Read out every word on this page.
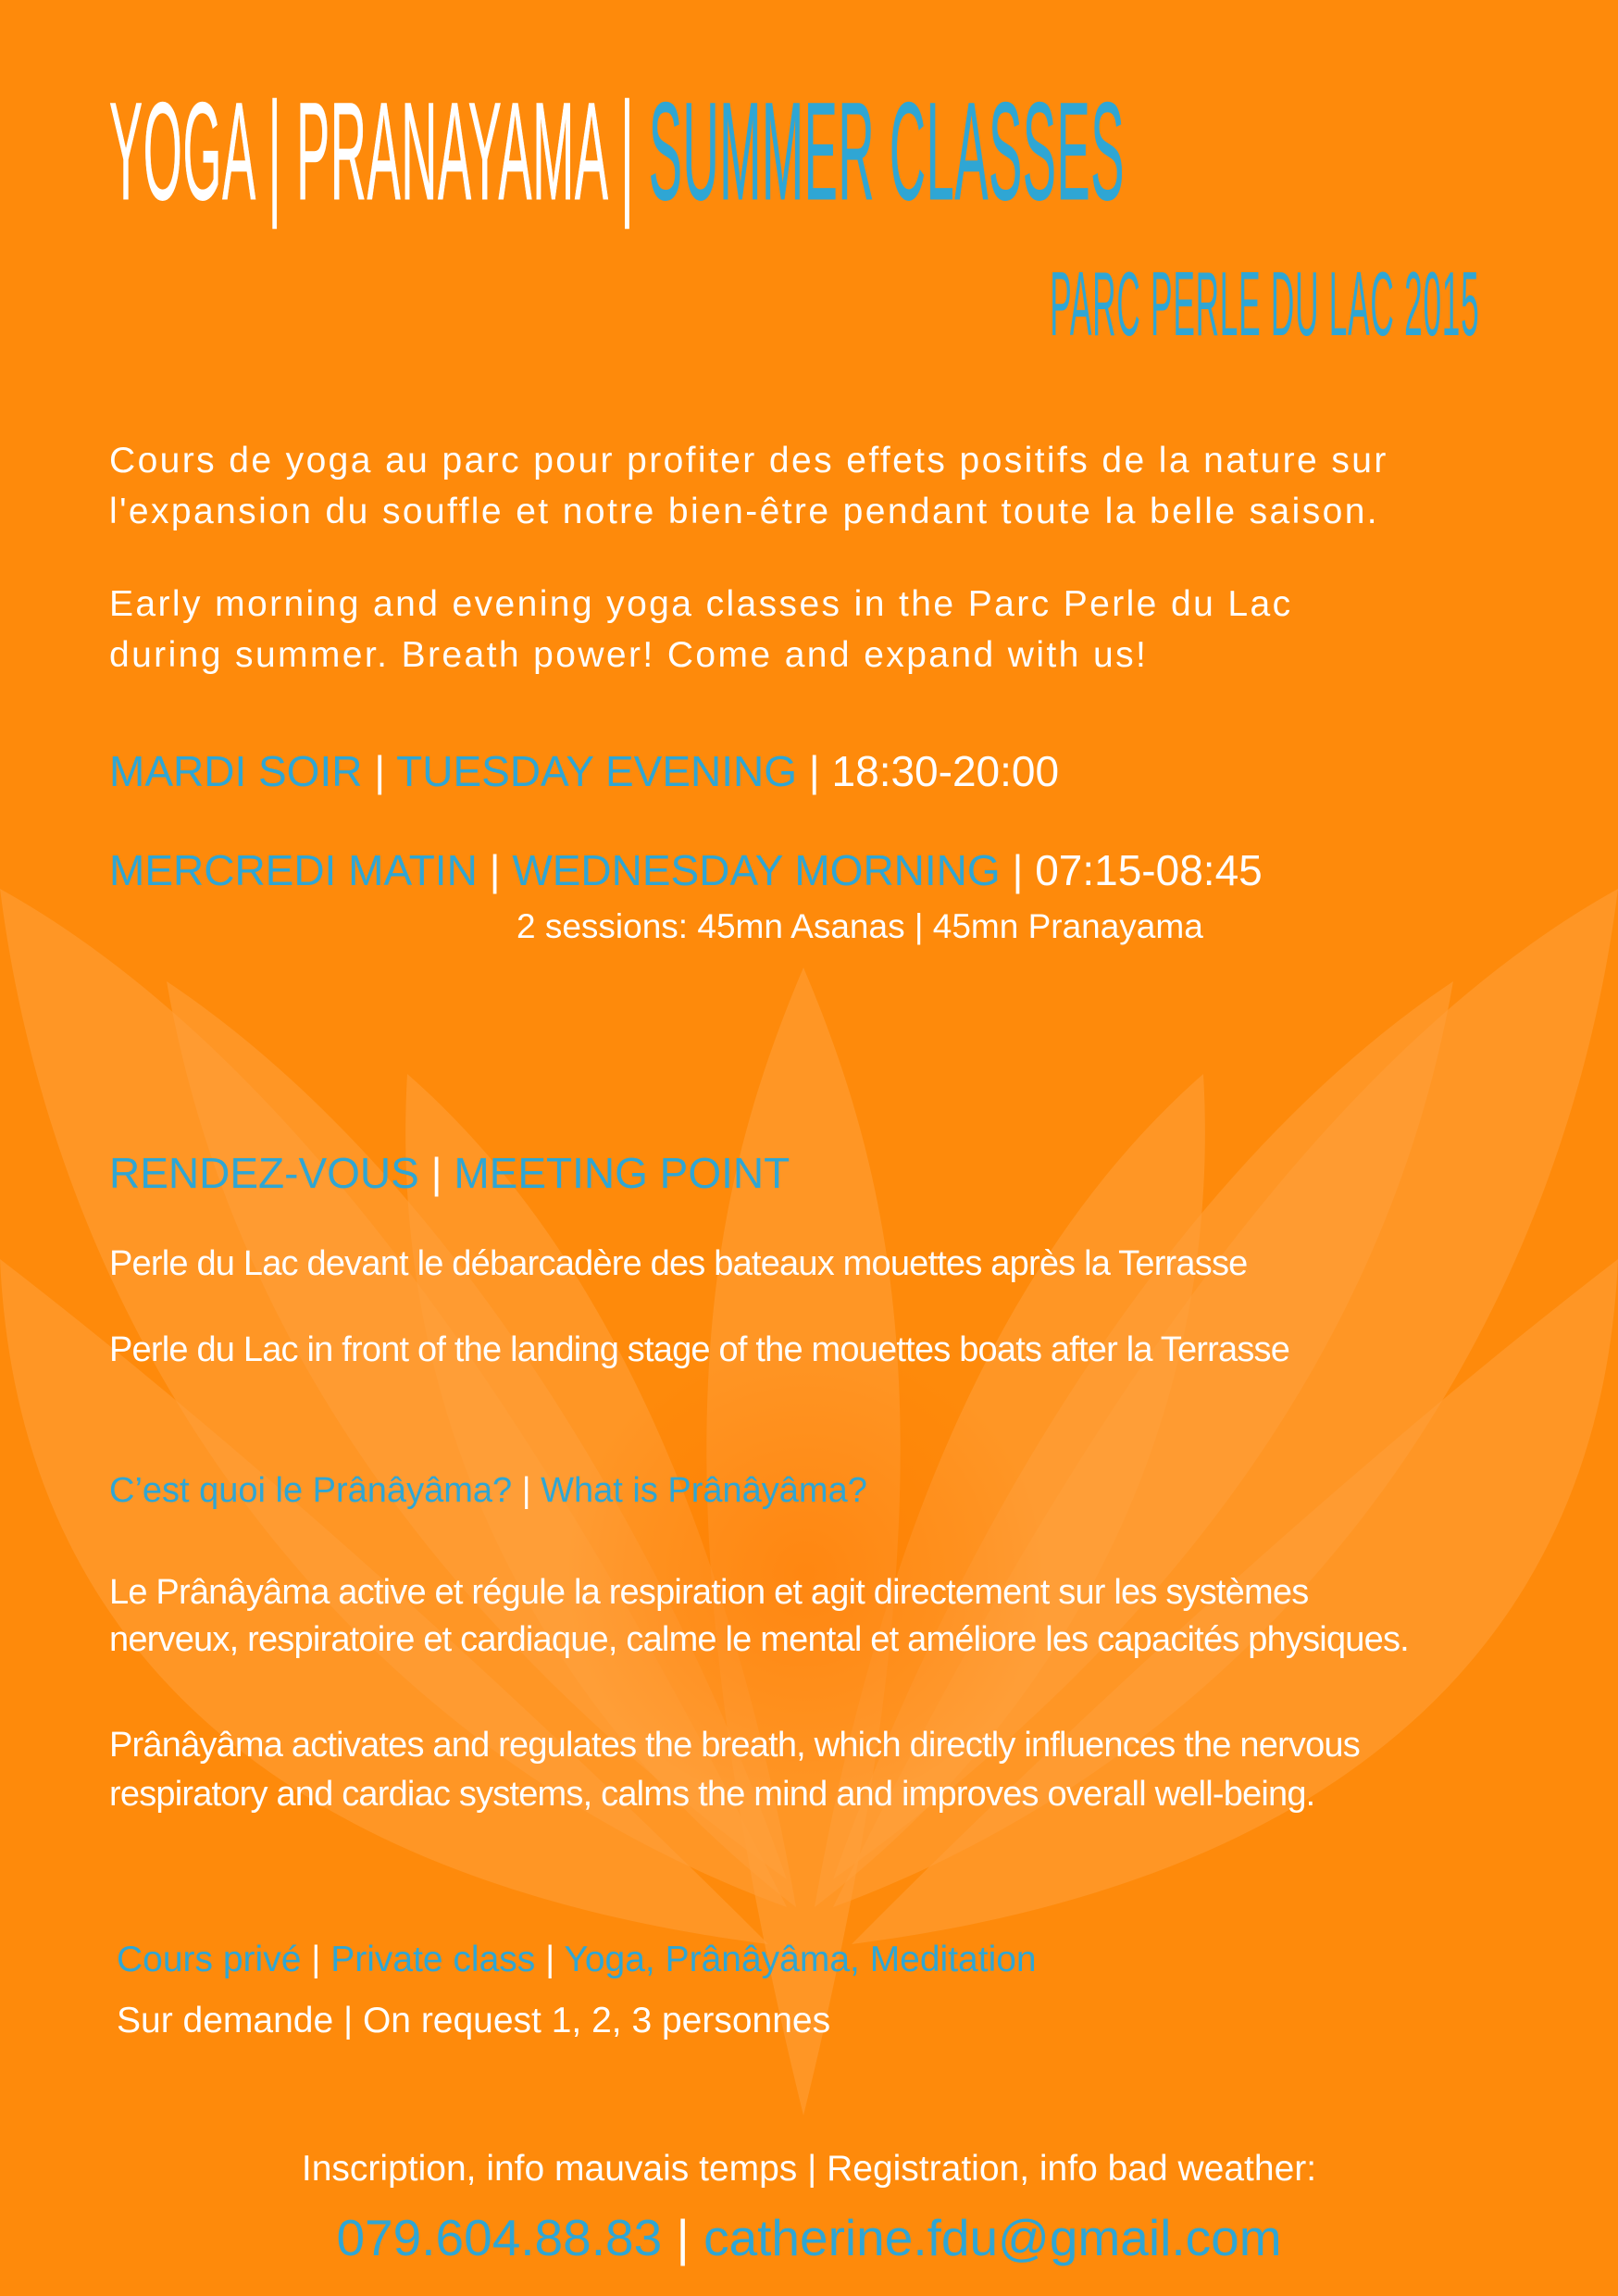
YOGA | PRANAYAMA | SUMMER CLASSES
PARC PERLE DU LAC 2015
Cours de yoga au parc pour profiter des effets positifs de la nature sur
l'expansion du souffle et notre bien-être pendant toute la belle saison.
Early morning and evening yoga classes in the Parc Perle du Lac
during summer. Breath power! Come and expand with us!
MARDI SOIR | TUESDAY EVENING | 18:30-20:00
MERCREDI MATIN | WEDNESDAY MORNING | 07:15-08:45
2 sessions: 45mn Asanas | 45mn Pranayama
RENDEZ-VOUS | MEETING POINT
Perle du Lac devant le débarcadère des bateaux mouettes après la Terrasse
Perle du Lac in front of the landing stage of the mouettes boats after la Terrasse
C’est quoi le Prânâyâma? | What is Prânâyâma?
Le Prânâyâma active et régule la respiration et agit directement sur les systèmes
nerveux, respiratoire et cardiaque, calme le mental et améliore les capacités physiques.
Prânâyâma activates and regulates the breath, which directly influences the nervous
respiratory and cardiac systems, calms the mind and improves overall well-being.
Cours privé | Private class | Yoga, Prânâyâma, Meditation
Sur demande | On request 1, 2, 3 personnes
Inscription, info mauvais temps | Registration, info bad weather:
079.604.88.83 | catherine.fdu@gmail.com
